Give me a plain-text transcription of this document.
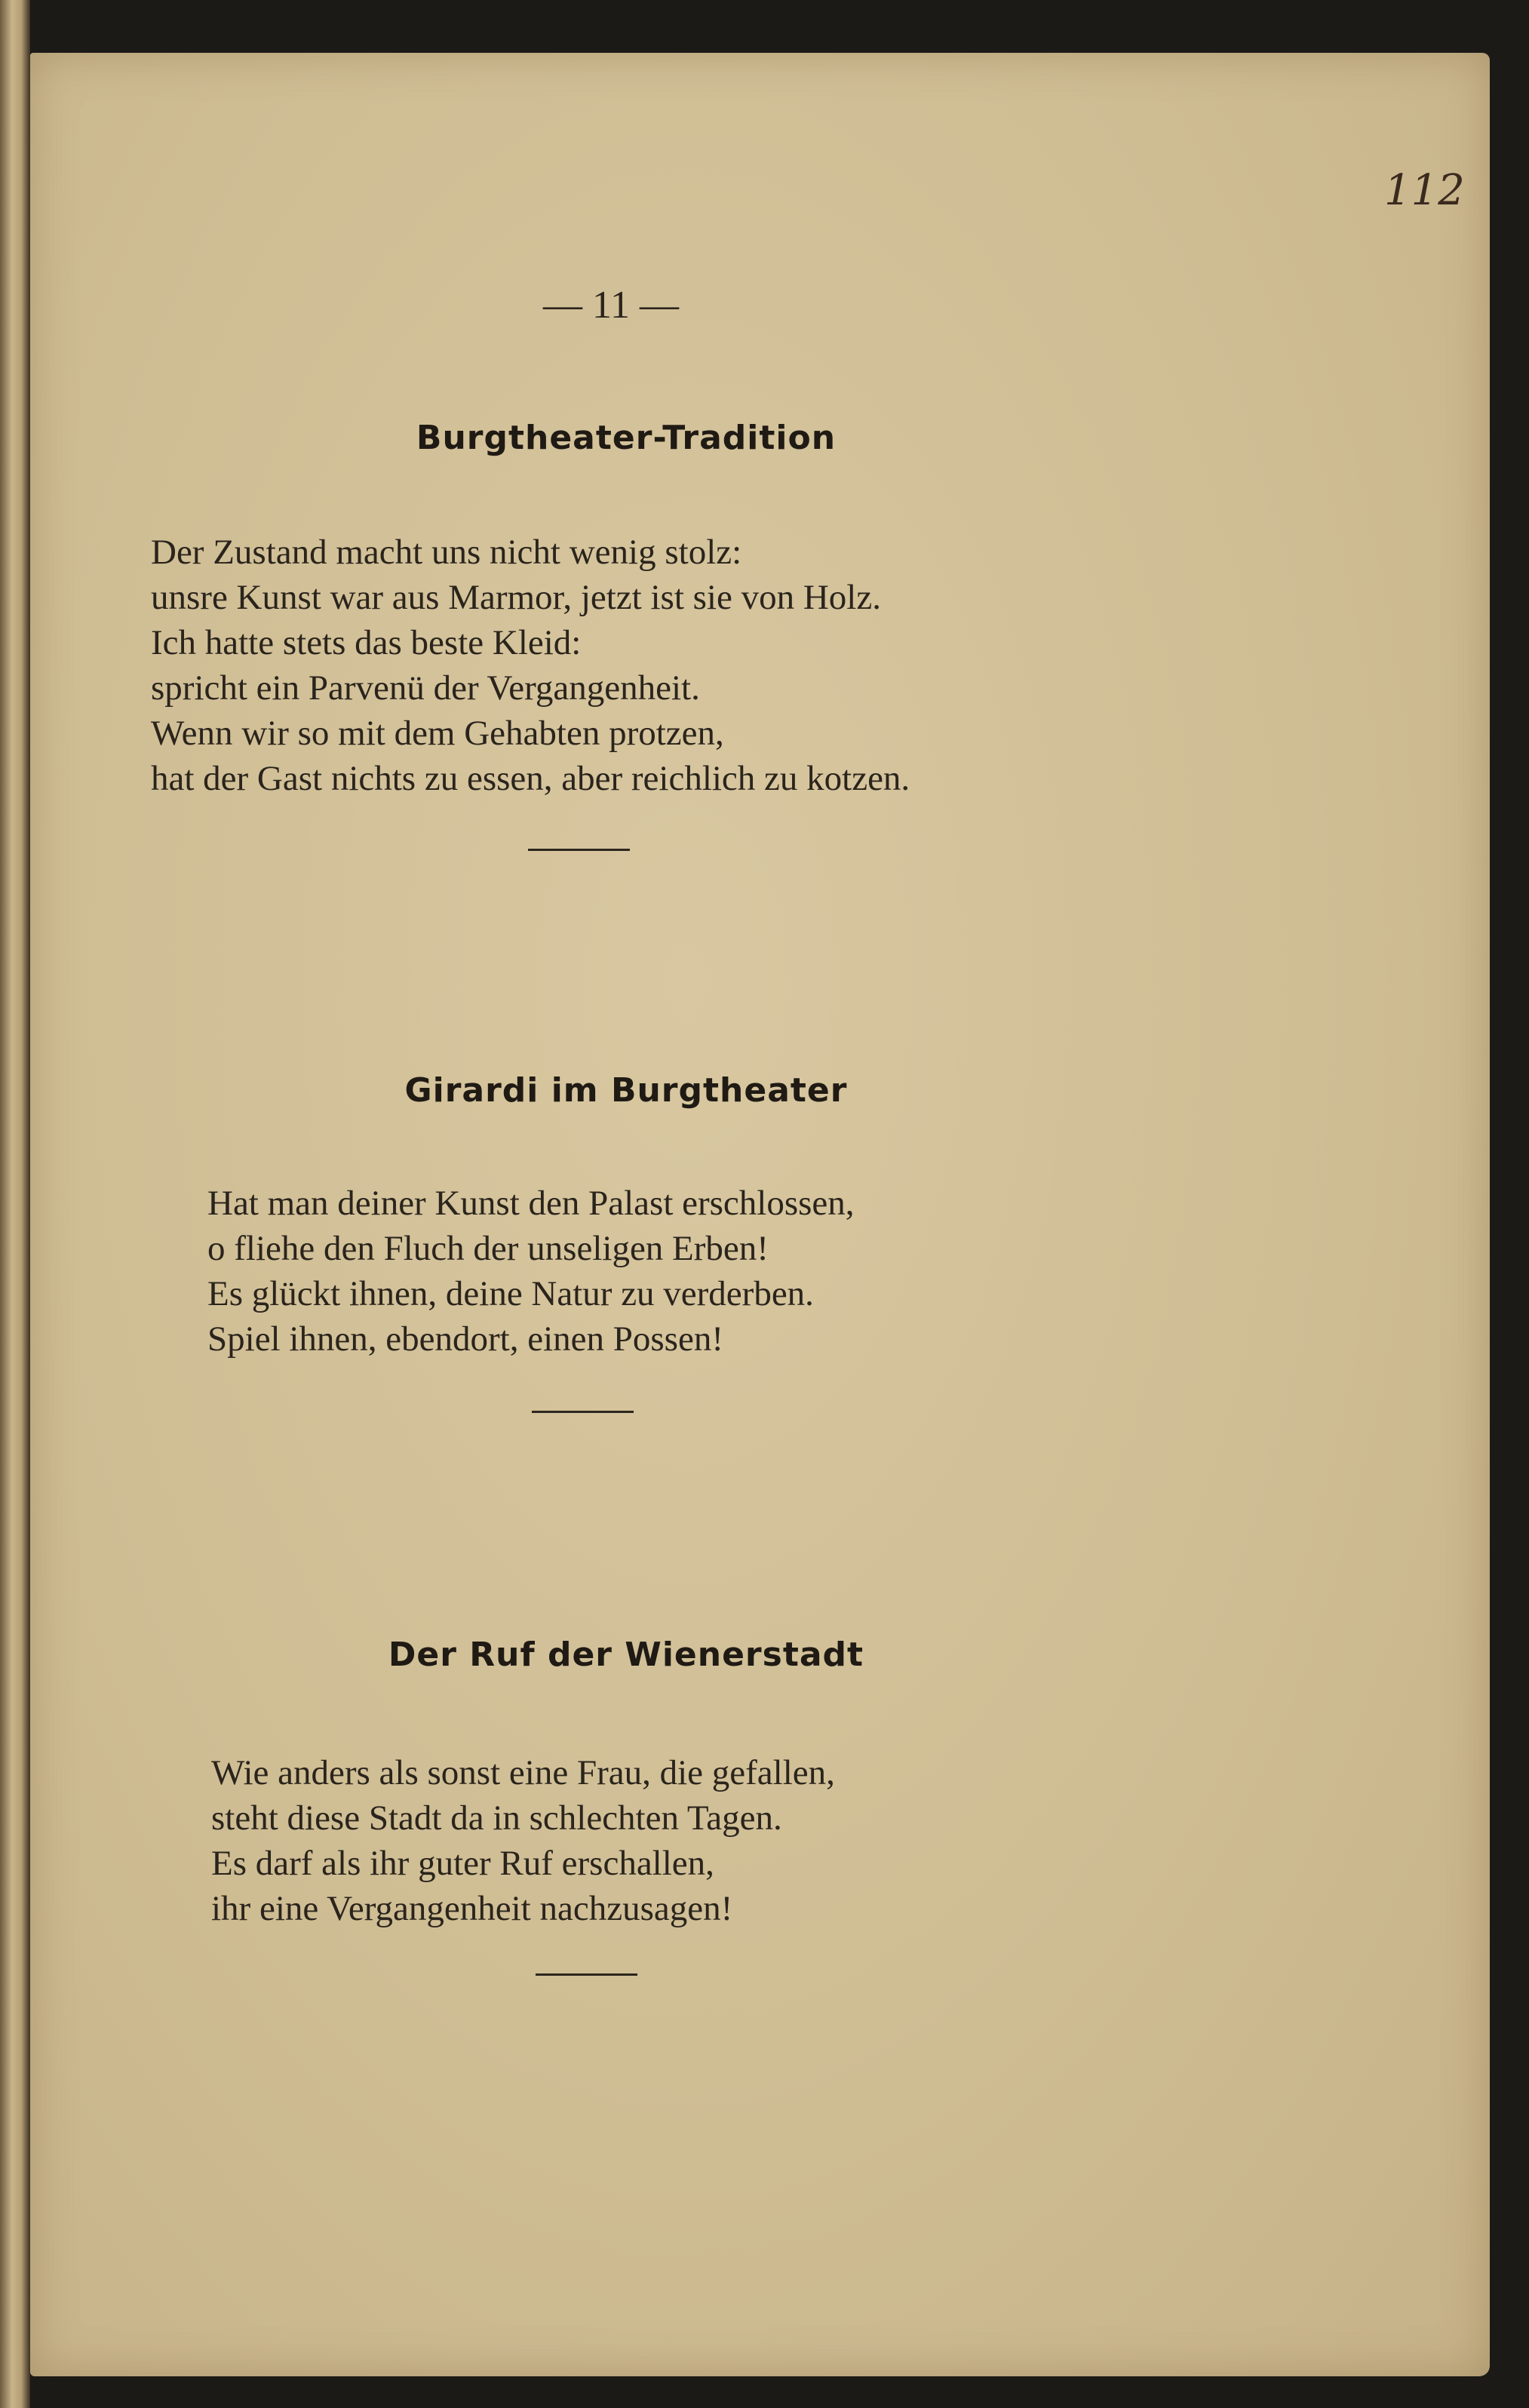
112
— 11 —
Burgtheater-Tradition
Der Zustand macht uns nicht wenig stolz:
unsre Kunst war aus Marmor, jetzt ist sie von Holz.
Ich hatte stets das beste Kleid:
spricht ein Parvenü der Vergangenheit.
Wenn wir so mit dem Gehabten protzen,
hat der Gast nichts zu essen, aber reichlich zu kotzen.
Girardi im Burgtheater
Hat man deiner Kunst den Palast erschlossen,
o fliehe den Fluch der unseligen Erben!
Es glückt ihnen, deine Natur zu verderben.
Spiel ihnen, ebendort, einen Possen!
Der Ruf der Wienerstadt
Wie anders als sonst eine Frau, die gefallen,
steht diese Stadt da in schlechten Tagen.
Es darf als ihr guter Ruf erschallen,
ihr eine Vergangenheit nachzusagen!
